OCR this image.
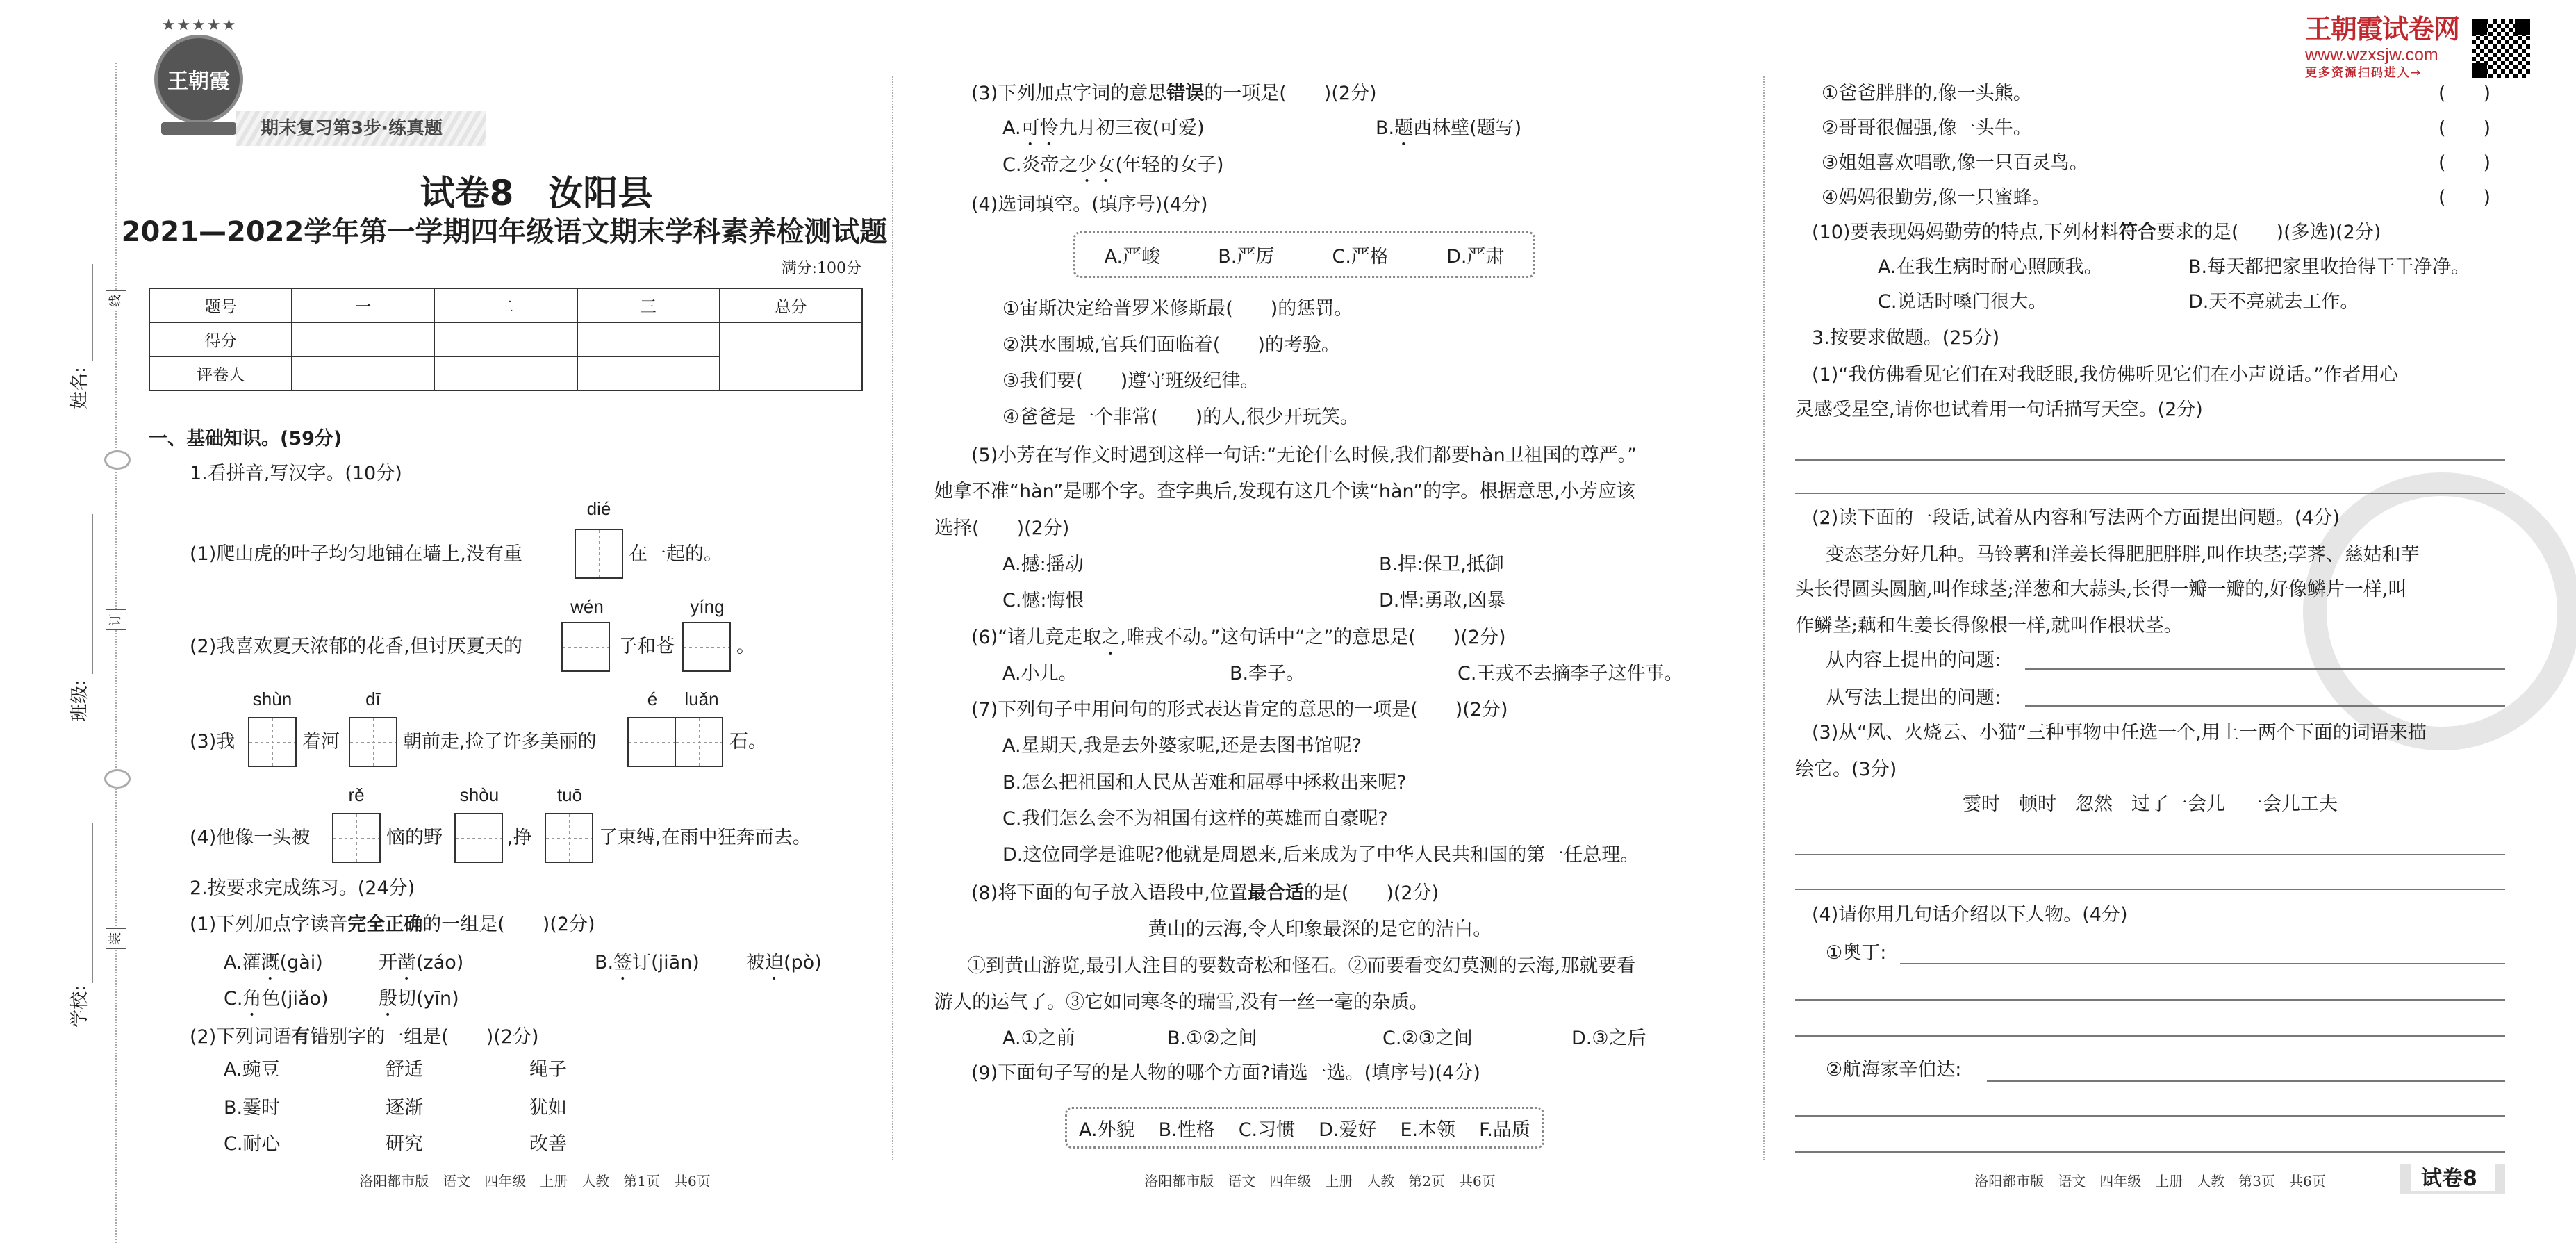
姓名:
班级:
学校:
线
订
装
期末复习第3步·练真题
王朝霞
★★★★★
试卷8　汝阳县
2021—2022学年第一学期四年级语文期末学科素养检测试题
满分:100分
题号	一	二	三	总分
得分				
评卷人				
一、基础知识。(59分)
1.看拼音,写汉字。(10分)
dié
(1)爬山虎的叶子均匀地铺在墙上,没有重	在一起的。
wén	yíng
(2)我喜欢夏天浓郁的花香,但讨厌夏天的	子和苍	。
shùn	dī	é luǎn
(3)我	着河	朝前走,捡了许多美丽的	石。
rě	shòu	tuō
(4)他像一头被	恼的野	,挣	了束缚,在雨中狂奔而去。
2.按要求完成练习。(24分)
(1)下列加点字读音完全正确的一组是(　　)(2分)
A.灌溉(gài)	开凿(záo)	B.签订(jiān) 被迫(pò)
C.角色(jiǎo)	殷切(yīn)
(2)下列词语有错别字的一组是(　　)(2分)
A.豌豆	舒适	绳子
B.霎时	逐渐	犹如
C.耐心	研究	改善
洛阳都市版　语文　四年级　上册　人教　第1页　共6页
(3)下列加点字词的意思错误的一项是(　　)(2分)
A.可怜九月初三夜(可爱)	B.题西林壁(题写)
C.炎帝之少女(年轻的女子)
(4)选词填空。(填序号)(4分)
A.严峻	B.严厉	C.严格	D.严肃
①宙斯决定给普罗米修斯最(　　)的惩罚。
②洪水围城,官兵们面临着(　　)的考验。
③我们要(　　)遵守班级纪律。
④爸爸是一个非常(　　)的人,很少开玩笑。
(5)小芳在写作文时遇到这样一句话:“无论什么时候,我们都要hàn卫祖国的尊严。”
她拿不准“hàn”是哪个字。查字典后,发现有这几个读“hàn”的字。根据意思,小芳应该
选择(　　)(2分)
A.撼:摇动	B.捍:保卫,抵御
C.憾:悔恨	D.悍:勇敢,凶暴
(6)“诸儿竞走取之,唯戎不动。”这句话中“之”的意思是(　　)(2分)
A.小儿。	B.李子。	C.王戎不去摘李子这件事。
(7)下列句子中用问句的形式表达肯定的意思的一项是(　　)(2分)
A.星期天,我是去外婆家呢,还是去图书馆呢?
B.怎么把祖国和人民从苦难和屈辱中拯救出来呢?
C.我们怎么会不为祖国有这样的英雄而自豪呢?
D.这位同学是谁呢?他就是周恩来,后来成为了中华人民共和国的第一任总理。
(8)将下面的句子放入语段中,位置最合适的是(　　)(2分)
黄山的云海,令人印象最深的是它的洁白。
①到黄山游览,最引人注目的要数奇松和怪石。②而要看变幻莫测的云海,那就要看
游人的运气了。③它如同寒冬的瑞雪,没有一丝一毫的杂质。
A.①之前	B.①②之间	C.②③之间	D.③之后
(9)下面句子写的是人物的哪个方面?请选一选。(填序号)(4分)
A.外貌 B.性格 C.习惯 D.爱好 E.本领 F.品质
洛阳都市版　语文　四年级　上册　人教　第2页　共6页
王朝霞试卷网
www.wzxsjw.com
更多资源扫码进入→
①爸爸胖胖的,像一头熊。	(　　)
②哥哥很倔强,像一头牛。	(　　)
③姐姐喜欢唱歌,像一只百灵鸟。	(　　)
④妈妈很勤劳,像一只蜜蜂。	(　　)
(10)要表现妈妈勤劳的特点,下列材料符合要求的是(　　)(多选)(2分)
A.在我生病时耐心照顾我。	B.每天都把家里收拾得干干净净。
C.说话时嗓门很大。	D.天不亮就去工作。
3.按要求做题。(25分)
(1)“我仿佛看见它们在对我眨眼,我仿佛听见它们在小声说话。”作者用心
灵感受星空,请你也试着用一句话描写天空。(2分)
(2)读下面的一段话,试着从内容和写法两个方面提出问题。(4分)
变态茎分好几种。马铃薯和洋姜长得肥肥胖胖,叫作块茎;荸荠、慈姑和芋
头长得圆头圆脑,叫作球茎;洋葱和大蒜头,长得一瓣一瓣的,好像鳞片一样,叫
作鳞茎;藕和生姜长得像根一样,就叫作根状茎。
从内容上提出的问题:
从写法上提出的问题:
(3)从“风、火烧云、小猫”三种事物中任选一个,用上一两个下面的词语来描
绘它。(3分)
霎时　顿时　忽然　过了一会儿　一会儿工夫
(4)请你用几句话介绍以下人物。(4分)
①奥丁:
②航海家辛伯达:
洛阳都市版　语文　四年级　上册　人教　第3页　共6页	试卷8
